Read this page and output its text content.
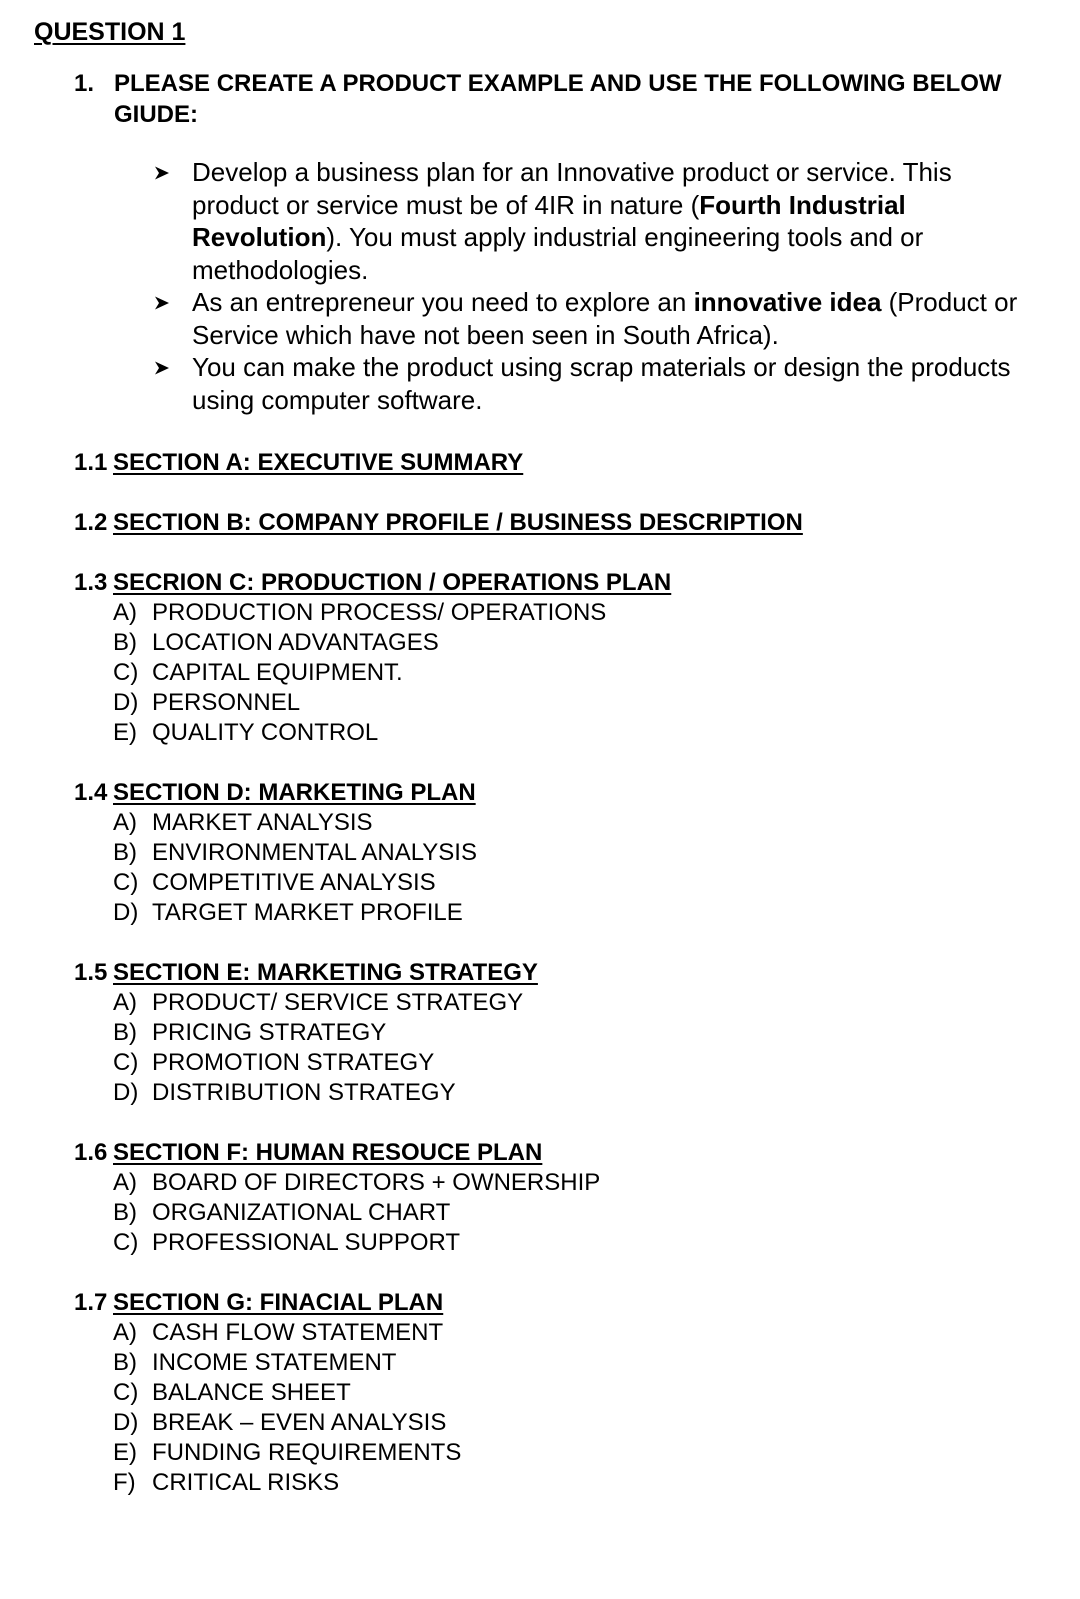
QUESTION 1
1. PLEASE CREATE A PRODUCT EXAMPLE AND USE THE FOLLOWING BELOW GIUDE:
Develop a business plan for an Innovative product or service. This product or service must be of 4IR in nature (Fourth Industrial Revolution). You must apply industrial engineering tools and or methodologies.
As an entrepreneur you need to explore an innovative idea (Product or Service which have not been seen in South Africa).
You can make the product using scrap materials or design the products using computer software.
1.1 SECTION A: EXECUTIVE SUMMARY
1.2 SECTION B: COMPANY PROFILE / BUSINESS DESCRIPTION
1.3 SECRION C: PRODUCTION / OPERATIONS PLAN
A) PRODUCTION PROCESS/ OPERATIONS
B) LOCATION ADVANTAGES
C) CAPITAL EQUIPMENT.
D) PERSONNEL
E) QUALITY CONTROL
1.4 SECTION D: MARKETING PLAN
A) MARKET ANALYSIS
B) ENVIRONMENTAL ANALYSIS
C) COMPETITIVE ANALYSIS
D) TARGET MARKET PROFILE
1.5 SECTION E: MARKETING STRATEGY
A) PRODUCT/ SERVICE STRATEGY
B) PRICING STRATEGY
C) PROMOTION STRATEGY
D) DISTRIBUTION STRATEGY
1.6 SECTION F: HUMAN RESOUCE PLAN
A) BOARD OF DIRECTORS + OWNERSHIP
B) ORGANIZATIONAL CHART
C) PROFESSIONAL SUPPORT
1.7 SECTION G: FINACIAL PLAN
A) CASH FLOW STATEMENT
B) INCOME STATEMENT
C) BALANCE SHEET
D) BREAK – EVEN ANALYSIS
E) FUNDING REQUIREMENTS
F) CRITICAL RISKS
